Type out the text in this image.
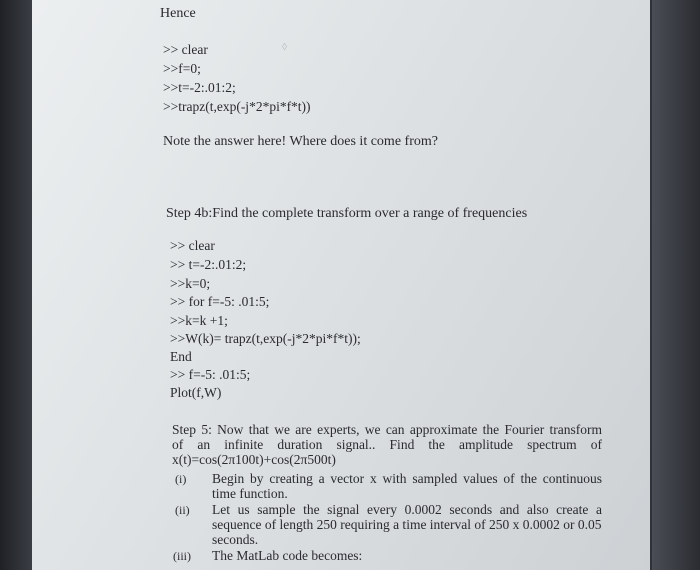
Hence
>> clear	◊
>>f=0;
>>t=-2:.01:2;
>>trapz(t,exp(-j*2*pi*f*t))
Note the answer here! Where does it come from?
Step 4b:Find the complete transform over a range of frequencies
>> clear
>> t=-2:.01:2;
>>k=0;
>> for f=-5: .01:5;
>>k=k +1;
>>W(k)= trapz(t,exp(-j*2*pi*f*t));
End
>> f=-5: .01:5;
Plot(f,W)
Step 5: Now that we are experts, we can approximate the Fourier transform
of an infinite duration signal.. Find the amplitude spectrum of
x(t)=cos(2π100t)+cos(2π500t)
(i) Begin by creating a vector x with sampled values of the continuous
time function.
(ii) Let us sample the signal every 0.0002 seconds and also create a
sequence of length 250 requiring a time interval of 250 x 0.0002 or 0.05
seconds.
(iii) The MatLab code becomes:
